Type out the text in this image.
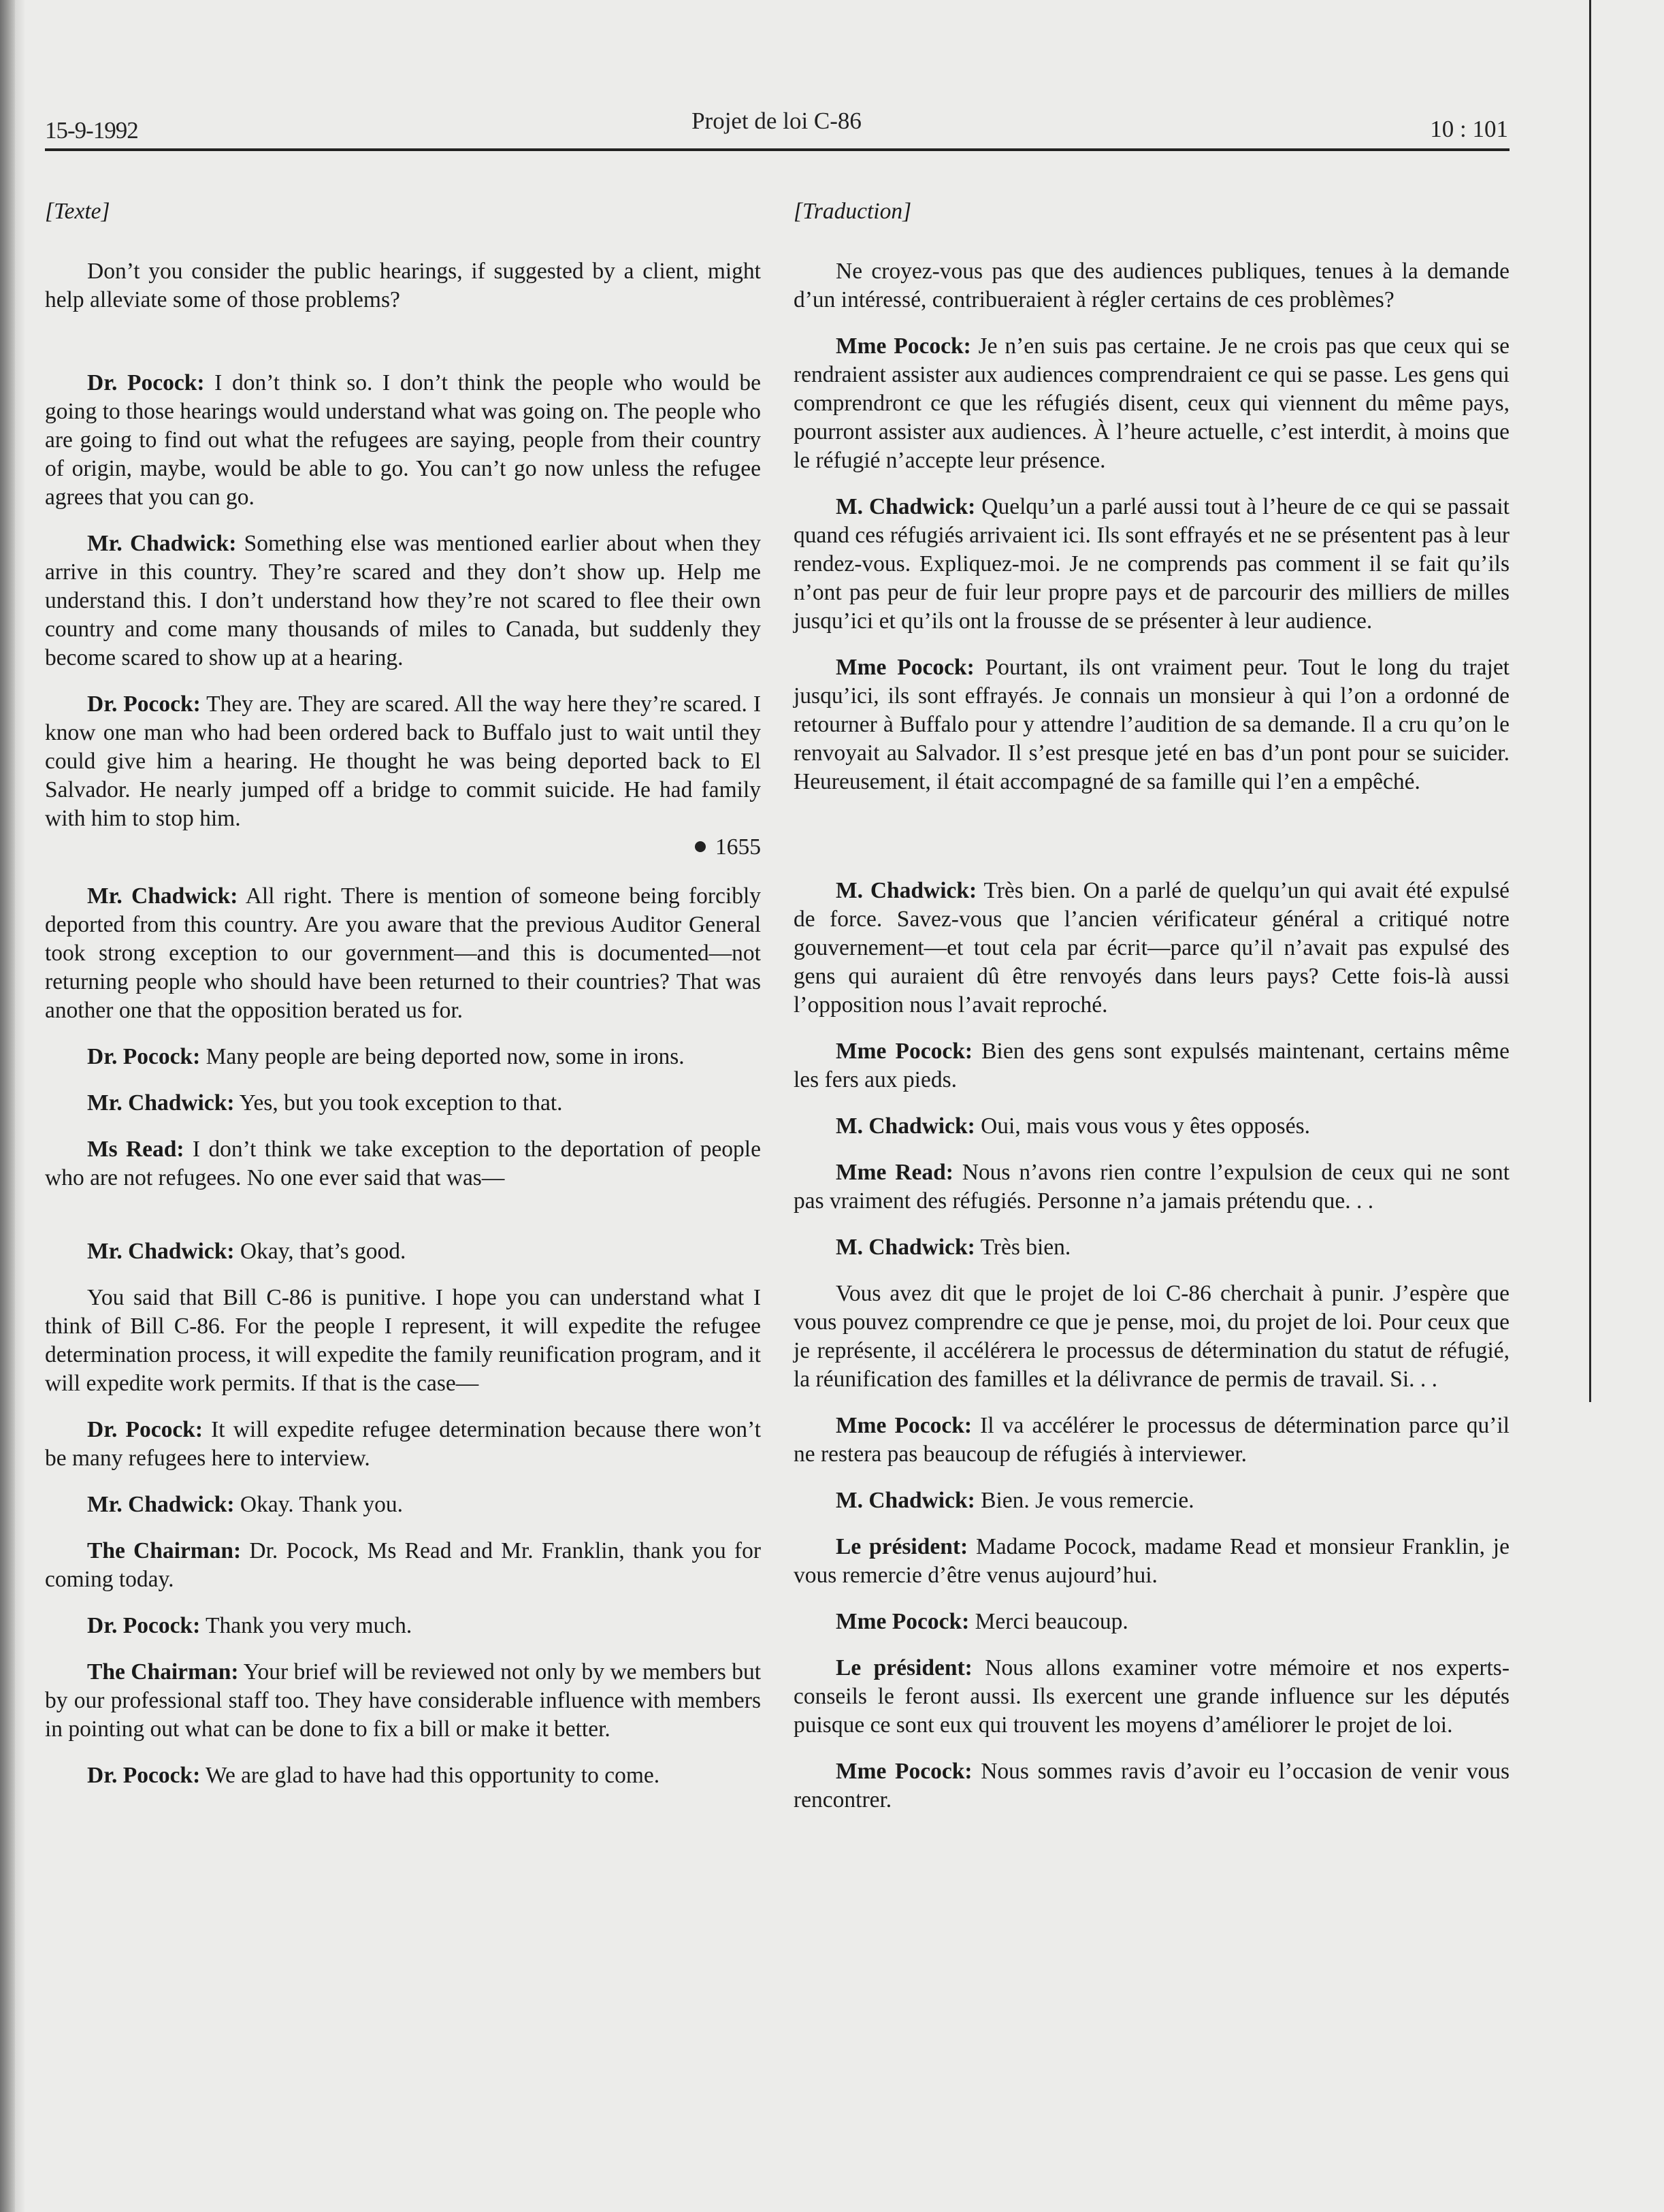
Projet de loi C-86
15-9-1992	10 : 101

[Texte]

Don’t you consider the public hearings, if suggested by a client, might help alleviate some of those problems?

Dr. Pocock: I don’t think so. I don’t think the people who would be going to those hearings would understand what was going on. The people who are going to find out what the refugees are saying, people from their country of origin, maybe, would be able to go. You can’t go now unless the refugee agrees that you can go.

Mr. Chadwick: Something else was mentioned earlier about when they arrive in this country. They’re scared and they don’t show up. Help me understand this. I don’t understand how they’re not scared to flee their own country and come many thousands of miles to Canada, but suddenly they become scared to show up at a hearing.

Dr. Pocock: They are. They are scared. All the way here they’re scared. I know one man who had been ordered back to Buffalo just to wait until they could give him a hearing. He thought he was being deported back to El Salvador. He nearly jumped off a bridge to commit suicide. He had family with him to stop him.

1655

Mr. Chadwick: All right. There is mention of someone being forcibly deported from this country. Are you aware that the previous Auditor General took strong exception to our government—and this is documented—not returning people who should have been returned to their countries? That was another one that the opposition berated us for.

Dr. Pocock: Many people are being deported now, some in irons.

Mr. Chadwick: Yes, but you took exception to that.

Ms Read: I don’t think we take exception to the deportation of people who are not refugees. No one ever said that was—

Mr. Chadwick: Okay, that’s good.

You said that Bill C-86 is punitive. I hope you can understand what I think of Bill C-86. For the people I represent, it will expedite the refugee determination process, it will expedite the family reunification program, and it will expedite work permits. If that is the case—

Dr. Pocock: It will expedite refugee determination because there won’t be many refugees here to interview.

Mr. Chadwick: Okay. Thank you.

The Chairman: Dr. Pocock, Ms Read and Mr. Franklin, thank you for coming today.

Dr. Pocock: Thank you very much.

The Chairman: Your brief will be reviewed not only by we members but by our professional staff too. They have considerable influence with members in pointing out what can be done to fix a bill or make it better.

Dr. Pocock: We are glad to have had this opportunity to come.

[Traduction]

Ne croyez-vous pas que des audiences publiques, tenues à la demande d’un intéressé, contribueraient à régler certains de ces problèmes?

Mme Pocock: Je n’en suis pas certaine. Je ne crois pas que ceux qui se rendraient assister aux audiences comprendraient ce qui se passe. Les gens qui comprendront ce que les réfugiés disent, ceux qui viennent du même pays, pourront assister aux audiences. À l’heure actuelle, c’est interdit, à moins que le réfugié n’accepte leur présence.

M. Chadwick: Quelqu’un a parlé aussi tout à l’heure de ce qui se passait quand ces réfugiés arrivaient ici. Ils sont effrayés et ne se présentent pas à leur rendez-vous. Expliquez-moi. Je ne comprends pas comment il se fait qu’ils n’ont pas peur de fuir leur propre pays et de parcourir des milliers de milles jusqu’ici et qu’ils ont la frousse de se présenter à leur audience.

Mme Pocock: Pourtant, ils ont vraiment peur. Tout le long du trajet jusqu’ici, ils sont effrayés. Je connais un monsieur à qui l’on a ordonné de retourner à Buffalo pour y attendre l’audition de sa demande. Il a cru qu’on le renvoyait au Salvador. Il s’est presque jeté en bas d’un pont pour se suicider. Heureusement, il était accompagné de sa famille qui l’en a empêché.

M. Chadwick: Très bien. On a parlé de quelqu’un qui avait été expulsé de force. Savez-vous que l’ancien vérificateur général a critiqué notre gouvernement—et tout cela par écrit—parce qu’il n’avait pas expulsé des gens qui auraient dû être renvoyés dans leurs pays? Cette fois-là aussi l’opposition nous l’avait reproché.

Mme Pocock: Bien des gens sont expulsés maintenant, certains même les fers aux pieds.

M. Chadwick: Oui, mais vous vous y êtes opposés.

Mme Read: Nous n’avons rien contre l’expulsion de ceux qui ne sont pas vraiment des réfugiés. Personne n’a jamais prétendu que. . .

M. Chadwick: Très bien.

Vous avez dit que le projet de loi C-86 cherchait à punir. J’espère que vous pouvez comprendre ce que je pense, moi, du projet de loi. Pour ceux que je représente, il accélérera le processus de détermination du statut de réfugié, la réunification des familles et la délivrance de permis de travail. Si. . .

Mme Pocock: Il va accélérer le processus de détermination parce qu’il ne restera pas beaucoup de réfugiés à interviewer.

M. Chadwick: Bien. Je vous remercie.

Le président: Madame Pocock, madame Read et monsieur Franklin, je vous remercie d’être venus aujourd’hui.

Mme Pocock: Merci beaucoup.

Le président: Nous allons examiner votre mémoire et nos experts-conseils le feront aussi. Ils exercent une grande influence sur les députés puisque ce sont eux qui trouvent les moyens d’améliorer le projet de loi.

Mme Pocock: Nous sommes ravis d’avoir eu l’occasion de venir vous rencontrer.
